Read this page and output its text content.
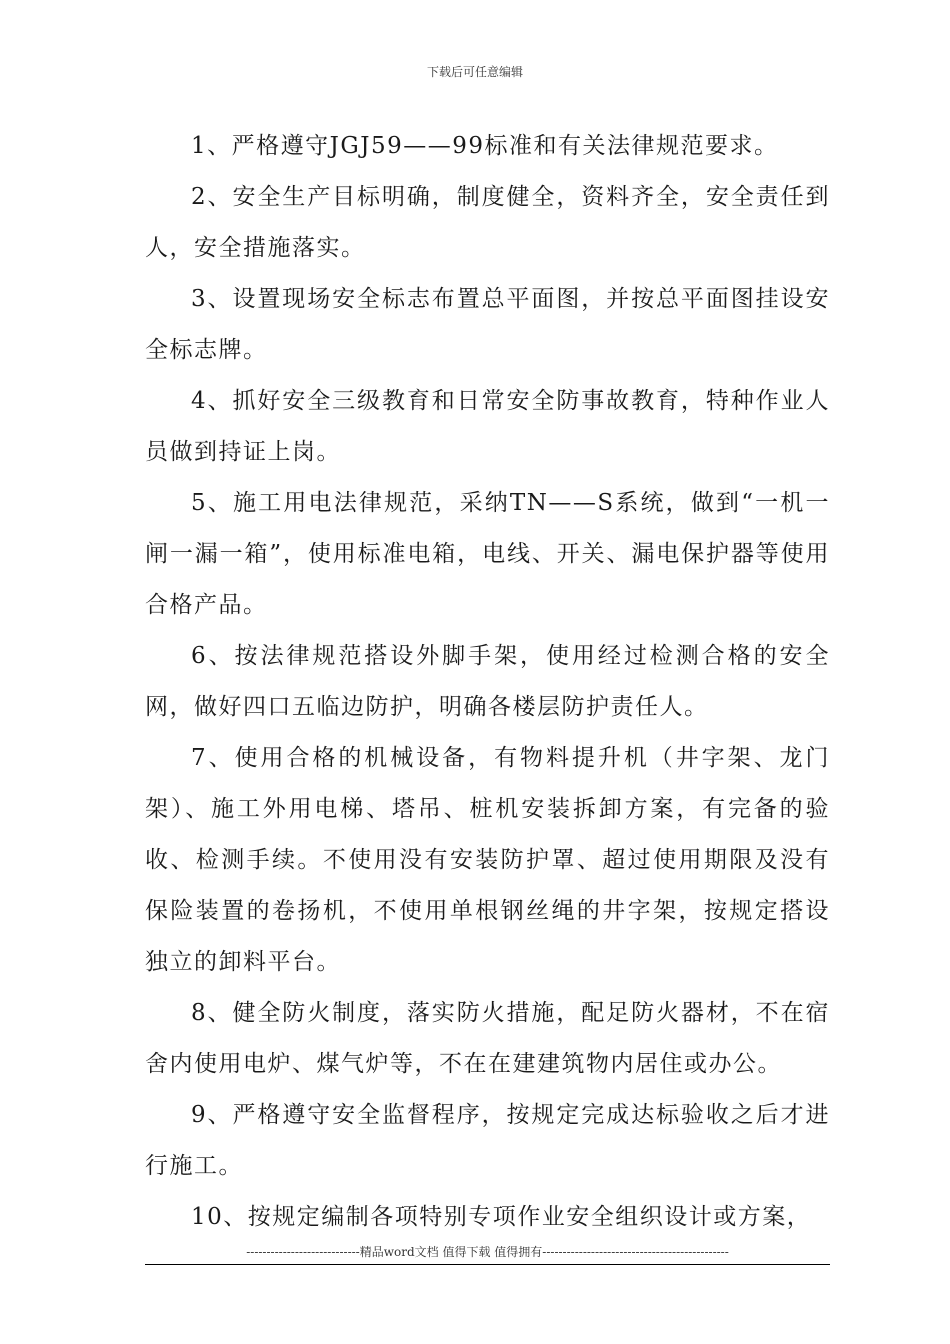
下载后可任意编辑

1、严格遵守JGJ59——99标准和有关法律规范要求。

2、安全生产目标明确，制度健全，资料齐全，安全责任到人，安全措施落实。

3、设置现场安全标志布置总平面图，并按总平面图挂设安全标志牌。

4、抓好安全三级教育和日常安全防事故教育，特种作业人员做到持证上岗。

5、施工用电法律规范，采纳TN——S系统，做到“一机一闸一漏一箱”，使用标准电箱，电线、开关、漏电保护器等使用合格产品。

6、按法律规范搭设外脚手架，使用经过检测合格的安全网，做好四口五临边防护，明确各楼层防护责任人。

7、使用合格的机械设备，有物料提升机（井字架、龙门架）、施工外用电梯、塔吊、桩机安装拆卸方案，有完备的验收、检测手续。不使用没有安装防护罩、超过使用期限及没有保险装置的卷扬机，不使用单根钢丝绳的井字架，按规定搭设独立的卸料平台。

8、健全防火制度，落实防火措施，配足防火器材，不在宿舍内使用电炉、煤气炉等，不在在建建筑物内居住或办公。

9、严格遵守安全监督程序，按规定完成达标验收之后才进行施工。

10、按规定编制各项特别专项作业安全组织设计或方案，

----------------------------精品word文档 值得下载 值得拥有----------------------------------------------
